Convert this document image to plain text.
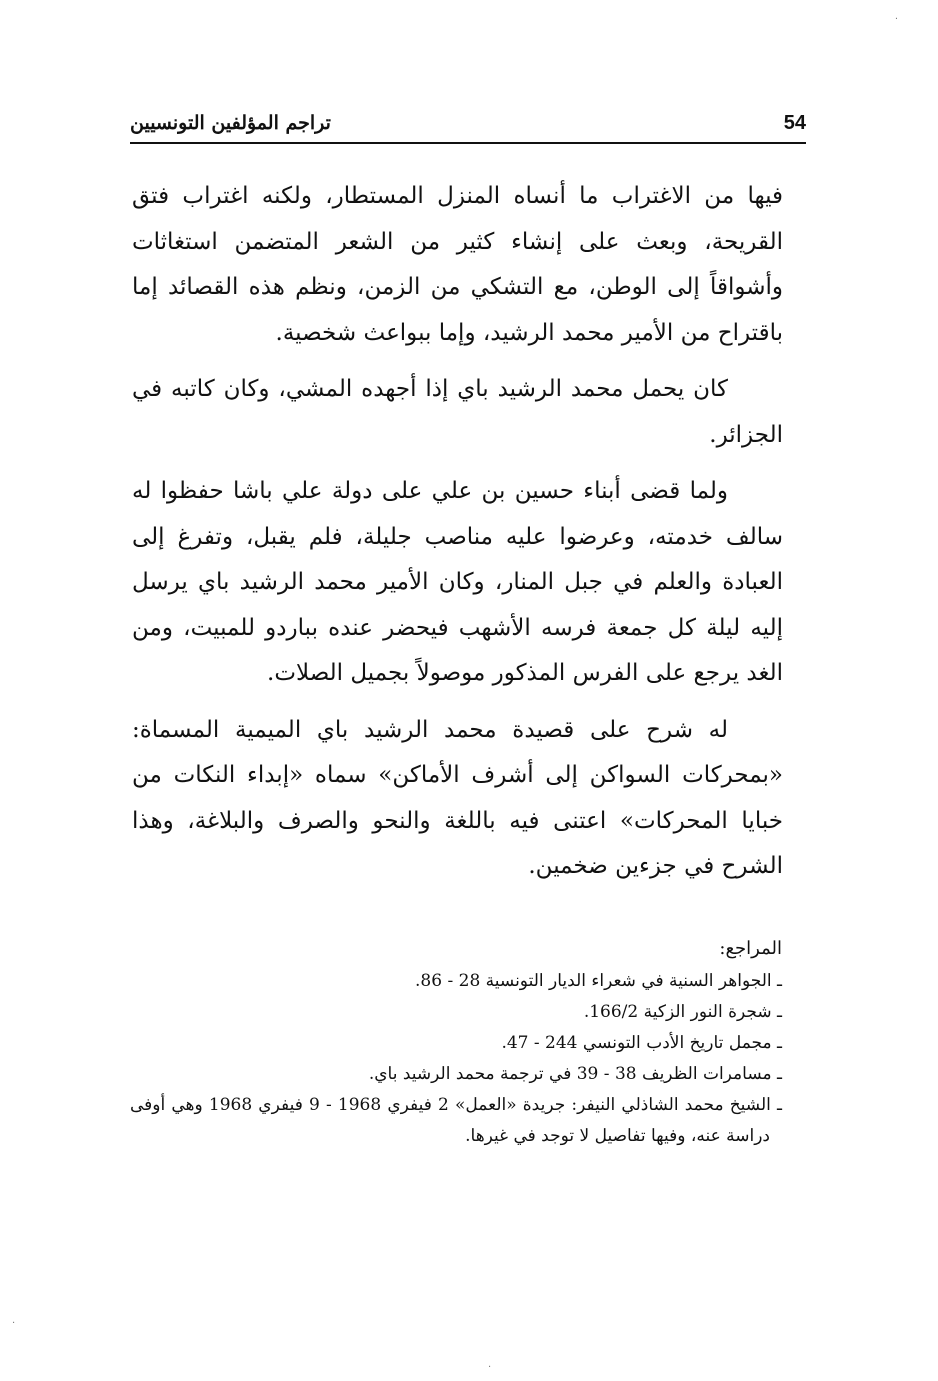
54
تراجم المؤلفين التونسيين

فيها من الاغتراب ما أنساه المنزل المستطار، ولكنه اغتراب فتق القريحة، وبعث على إنشاء كثير من الشعر المتضمن استغاثات وأشواقاً إلى الوطن، مع التشكي من الزمن، ونظم هذه القصائد إما باقتراح من الأمير محمد الرشيد، وإما ببواعث شخصية.

كان يحمل محمد الرشيد باي إذا أجهده المشي، وكان كاتبه في الجزائر.

ولما قضى أبناء حسين بن علي على دولة علي باشا حفظوا له سالف خدمته، وعرضوا عليه مناصب جليلة، فلم يقبل، وتفرغ إلى العبادة والعلم في جبل المنار، وكان الأمير محمد الرشيد باي يرسل إليه ليلة كل جمعة فرسه الأشهب فيحضر عنده بباردو للمبيت، ومن الغد يرجع على الفرس المذكور موصولاً بجميل الصلات.

له شرح على قصيدة محمد الرشيد باي الميمية المسماة: «بمحركات السواكن إلى أشرف الأماكن» سماه «إبداء النكات من خبايا المحركات» اعتنى فيه باللغة والنحو والصرف والبلاغة، وهذا الشرح في جزءين ضخمين.

المراجع:
ـ الجواهر السنية في شعراء الديار التونسية 28 - 86.
ـ شجرة النور الزكية 166/2.
ـ مجمل تاريخ الأدب التونسي 244 - 47.
ـ مسامرات الظريف 38 - 39 في ترجمة محمد الرشيد باي.
ـ الشيخ محمد الشاذلي النيفر: جريدة «العمل» 2 فيفري 1968 - 9 فيفري 1968 وهي أوفى دراسة عنه، وفيها تفاصيل لا توجد في غيرها.
·
·
·
